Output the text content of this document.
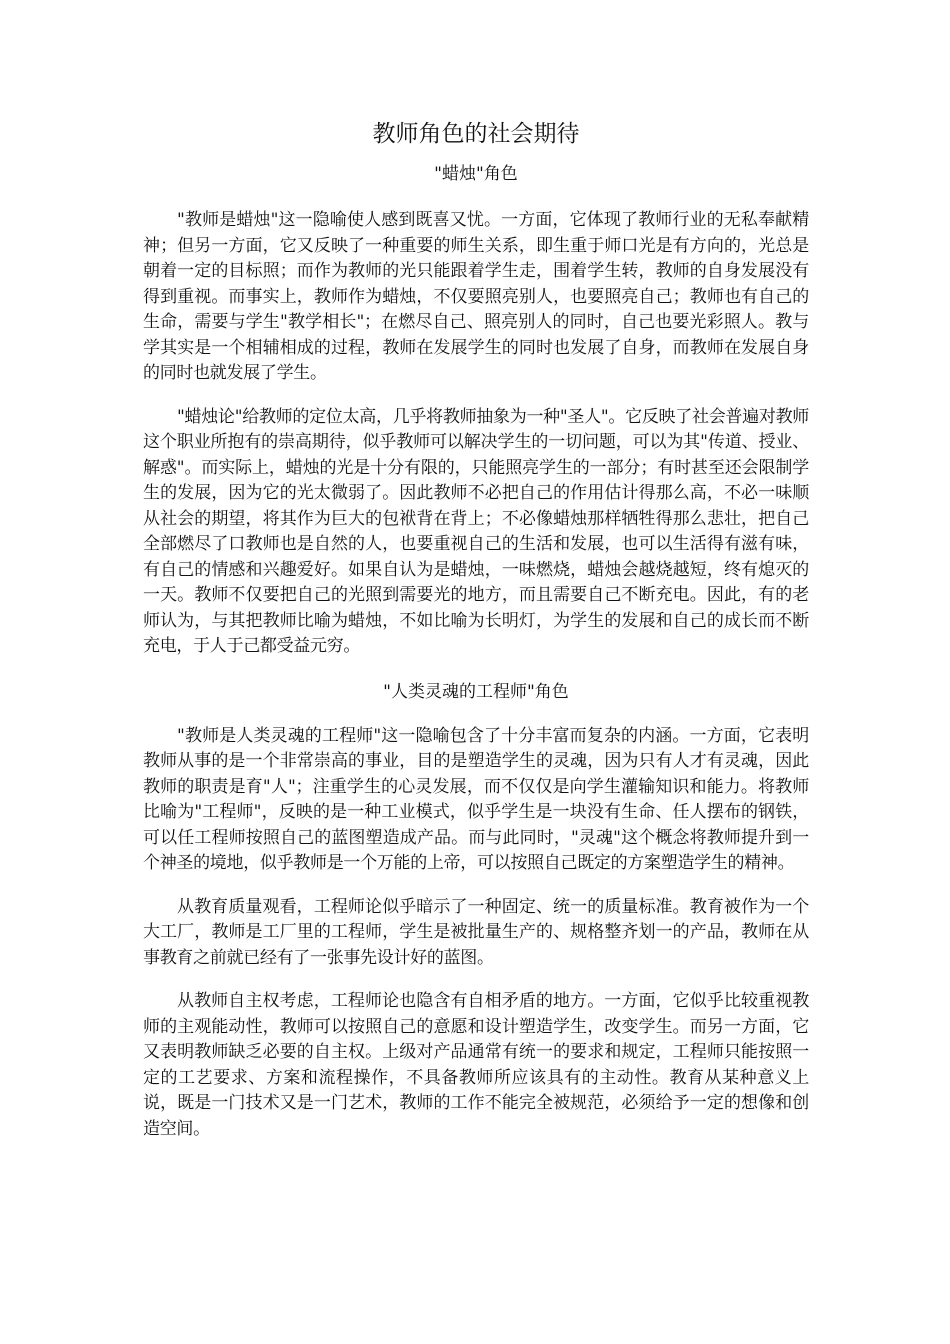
教师角色的社会期待
"蜡烛"角色

"教师是蜡烛"这一隐喻使人感到既喜又忧。一方面，它体现了教师行业的无私奉献精神；但另一方面，它又反映了一种重要的师生关系，即生重于师口光是有方向的，光总是朝着一定的目标照；而作为教师的光只能跟着学生走，围着学生转，教师的自身发展没有得到重视。而事实上，教师作为蜡烛，不仅要照亮别人，也要照亮自己；教师也有自己的生命，需要与学生"教学相长"；在燃尽自己、照亮别人的同时，自己也要光彩照人。教与学其实是一个相辅相成的过程，教师在发展学生的同时也发展了自身，而教师在发展自身的同时也就发展了学生。

"蜡烛论"给教师的定位太高，几乎将教师抽象为一种"圣人"。它反映了社会普遍对教师这个职业所抱有的崇高期待，似乎教师可以解决学生的一切问题，可以为其"传道、授业、解惑"。而实际上，蜡烛的光是十分有限的，只能照亮学生的一部分；有时甚至还会限制学生的发展，因为它的光太微弱了。因此教师不必把自己的作用估计得那么高，不必一味顺从社会的期望，将其作为巨大的包袱背在背上；不必像蜡烛那样牺牲得那么悲壮，把自己全部燃尽了口教师也是自然的人，也要重视自己的生活和发展，也可以生活得有滋有味，有自己的情感和兴趣爱好。如果自认为是蜡烛，一味燃烧，蜡烛会越烧越短，终有熄灭的一天。教师不仅要把自己的光照到需要光的地方，而且需要自己不断充电。因此，有的老师认为，与其把教师比喻为蜡烛，不如比喻为长明灯，为学生的发展和自己的成长而不断充电，于人于己都受益元穷。

"人类灵魂的工程师"角色

"教师是人类灵魂的工程师"这一隐喻包含了十分丰富而复杂的内涵。一方面，它表明教师从事的是一个非常崇高的事业，目的是塑造学生的灵魂，因为只有人才有灵魂，因此教师的职责是育"人"；注重学生的心灵发展，而不仅仅是向学生灌输知识和能力。将教师比喻为"工程师"，反映的是一种工业模式，似乎学生是一块没有生命、任人摆布的钢铁，可以任工程师按照自己的蓝图塑造成产品。而与此同时，"灵魂"这个概念将教师提升到一个神圣的境地，似乎教师是一个万能的上帝，可以按照自己既定的方案塑造学生的精神。

从教育质量观看，工程师论似乎暗示了一种固定、统一的质量标准。教育被作为一个大工厂，教师是工厂里的工程师，学生是被批量生产的、规格整齐划一的产品，教师在从事教育之前就已经有了一张事先设计好的蓝图。

从教师自主权考虑，工程师论也隐含有自相矛盾的地方。一方面，它似乎比较重视教师的主观能动性，教师可以按照自己的意愿和设计塑造学生，改变学生。而另一方面，它又表明教师缺乏必要的自主权。上级对产品通常有统一的要求和规定，工程师只能按照一定的工艺要求、方案和流程操作，不具备教师所应该具有的主动性。教育从某种意义上说，既是一门技术又是一门艺术，教师的工作不能完全被规范，必须给予一定的想像和创造空间。
